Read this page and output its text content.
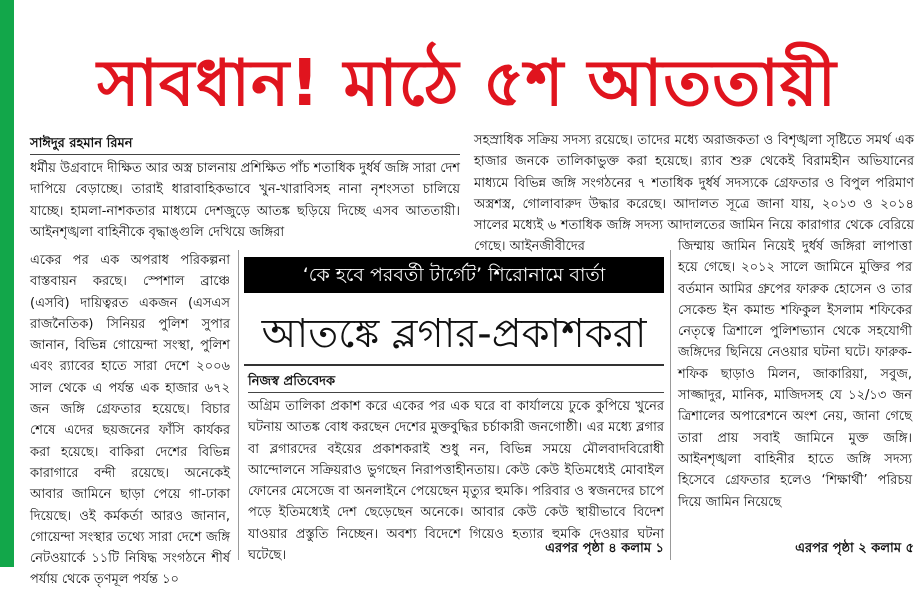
সাবধান! মাঠে ৫শ আততায়ী
সাঈদুর রহমান রিমন

ধর্মীয় উগ্রবাদে দীক্ষিত আর অস্ত্র চালনায় প্রশিক্ষিত পাঁচ শতাধিক দুর্ধর্ষ জঙ্গি সারা দেশ দাপিয়ে বেড়াচ্ছে। তারাই ধারাবাহিকভাবে খুন-খারাবিসহ নানা নৃশংসতা চালিয়ে যাচ্ছে। হামলা-নাশকতার মাধ্যমে দেশজুড়ে আতঙ্ক ছড়িয়ে দিচ্ছে এসব আততায়ী। আইনশৃঙ্খলা বাহিনীকে বৃদ্ধাঙ্গুলি দেখিয়ে জঙ্গিরা

একের পর এক অপরাধ পরিকল্পনা বাস্তবায়ন করছে। স্পেশাল ব্রাঞ্চে (এসবি) দায়িত্বরত একজন (এসএস রাজনৈতিক) সিনিয়র পুলিশ সুপার জানান, বিভিন্ন গোয়েন্দা সংস্থা, পুলিশ এবং র‌্যাবের হাতে সারা দেশে ২০০৬ সাল থেকে এ পর্যন্ত এক হাজার ৬৭২ জন জঙ্গি গ্রেফতার হয়েছে। বিচার শেষে এদের ছয়জনের ফাঁসি কার্যকর করা হয়েছে। বাকিরা দেশের বিভিন্ন কারাগারে বন্দী রয়েছে। অনেকেই আবার জামিনে ছাড়া পেয়ে গা-ঢাকা দিয়েছে। ওই কর্মকর্তা আরও জানান, গোয়েন্দা সংস্থার তথ্যে সারা দেশে জঙ্গি নেটওয়ার্কে ১১টি নিষিদ্ধ সংগঠনে শীর্ষ পর্যায় থেকে তৃণমূল পর্যন্ত ১০

সহস্রাধিক সক্রিয় সদস্য রয়েছে। তাদের মধ্যে অরাজকতা ও বিশৃঙ্খলা সৃষ্টিতে সমর্থ এক হাজার জনকে তালিকাভুক্ত করা হয়েছে। র‌্যাব শুরু থেকেই বিরামহীন অভিযানের মাধ্যমে বিভিন্ন জঙ্গি সংগঠনের ৭ শতাধিক দুর্ধর্ষ সদস্যকে গ্রেফতার ও বিপুল পরিমাণ অস্ত্রশস্ত্র, গোলাবারুদ উদ্ধার করেছে। আদালত সূত্রে জানা যায়, ২০১৩ ও ২০১৪ সালের মধ্যেই ৬ শতাধিক জঙ্গি সদস্য আদালতের জামিন নিয়ে কারাগার থেকে বেরিয়ে গেছে। আইনজীবীদের	জিম্মায় জামিন নিয়েই দুর্ধর্ষ জঙ্গিরা লাপাত্তা হয়ে গেছে। ২০১২ সালে জামিনে মুক্তির পর বর্তমান আমির গ্রুপের ফারুক হোসেন ও তার সেকেন্ড ইন কমান্ড শফিকুল ইসলাম শফিকের নেতৃত্বে ত্রিশালে পুলিশভ্যান থেকে সহযোগী জঙ্গিদের ছিনিয়ে নেওয়ার ঘটনা ঘটে। ফারুক-শফিক ছাড়াও মিলন, জাকারিয়া, সবুজ, সাজ্জাদুর, মানিক, মাজিদসহ যে ১২/১৩ জন ত্রিশালের অপারেশনে অংশ নেয়, জানা গেছে তারা প্রায় সবাই জামিনে মুক্ত জঙ্গি। আইনশৃঙ্খলা বাহিনীর হাতে জঙ্গি সদস্য হিসেবে গ্রেফতার হলেও ‘শিক্ষার্থী’ পরিচয় দিয়ে জামিন নিয়েছে

এরপর পৃষ্ঠা ২ কলাম ৫
‘কে হবে পরবর্তী টার্গেট’ শিরোনামে বার্তা
আতঙ্কে ব্লগার-প্রকাশকরা
নিজস্ব প্রতিবেদক

অগ্রিম তালিকা প্রকাশ করে একের পর এক ঘরে বা কার্যালয়ে ঢুকে কুপিয়ে খুনের ঘটনায় আতঙ্ক বোধ করছেন দেশের মুক্তবুদ্ধির চর্চাকারী জনগোষ্ঠী। এর মধ্যে ব্লগার বা ব্লগারদের বইয়ের প্রকাশকরাই শুধু নন, বিভিন্ন সময়ে মৌলবাদবিরোধী আন্দোলনে সক্রিয়রাও ভুগছেন নিরাপত্তাহীনতায়। কেউ কেউ ইতিমধ্যেই মোবাইল ফোনের মেসেজে বা অনলাইনে পেয়েছেন মৃত্যুর হুমকি। পরিবার ও স্বজনদের চাপে পড়ে ইতিমধ্যেই দেশ ছেড়েছেন অনেকে। আবার কেউ কেউ স্থায়ীভাবে বিদেশ যাওয়ার প্রস্তুতি নিচ্ছেন। অবশ্য বিদেশে গিয়েও হত্যার হুমকি দেওয়ার ঘটনা ঘটেছে।	এরপর পৃষ্ঠা ৪ কলাম ১
